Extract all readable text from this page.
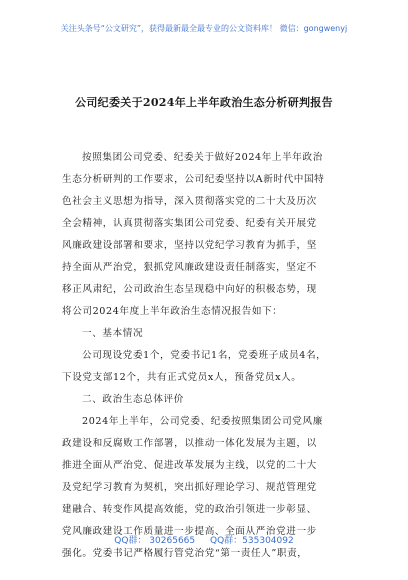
关注头条号“公文研究”，获得最新最全最专业的公文资料库！ 微信：gongwenyj
公司纪委关于2024年上半年政治生态分析研判报告
按照集团公司党委、纪委关于做好2024年上半年政治
生态分析研判的工作要求，公司纪委坚持以A新时代中国特
色社会主义思想为指导，深入贯彻落实党的二十大及历次
全会精神，认真贯彻落实集团公司党委、纪委有关开展党
风廉政建设部署和要求，坚持以党纪学习教育为抓手，坚
持全面从严治党，狠抓党风廉政建设责任制落实，坚定不
移正风肃纪，公司政治生态呈现稳中向好的积极态势，现
将公司2024年度上半年政治生态情况报告如下：
一、基本情况
公司现设党委1个，党委书记1名，党委班子成员4名，
下设党支部12个，共有正式党员x人，预备党员x人。
二、政治生态总体评价
2024年上半年，公司党委、纪委按照集团公司党风廉
政建设和反腐败工作部署，以推动一体化发展为主题，以
推进全面从严治党、促进改革发展为主线，以党的二十大
及党纪学习教育为契机，突出抓好理论学习、规范管理党
建融合、转变作风提高效能，党的政治引领进一步彰显、
党风廉政建设工作质量进一步提高、全面从严治党进一步
强化。党委书记严格履行管党治党“第一责任人”职责，
QQ群： 30265665 QQ群：535304092
